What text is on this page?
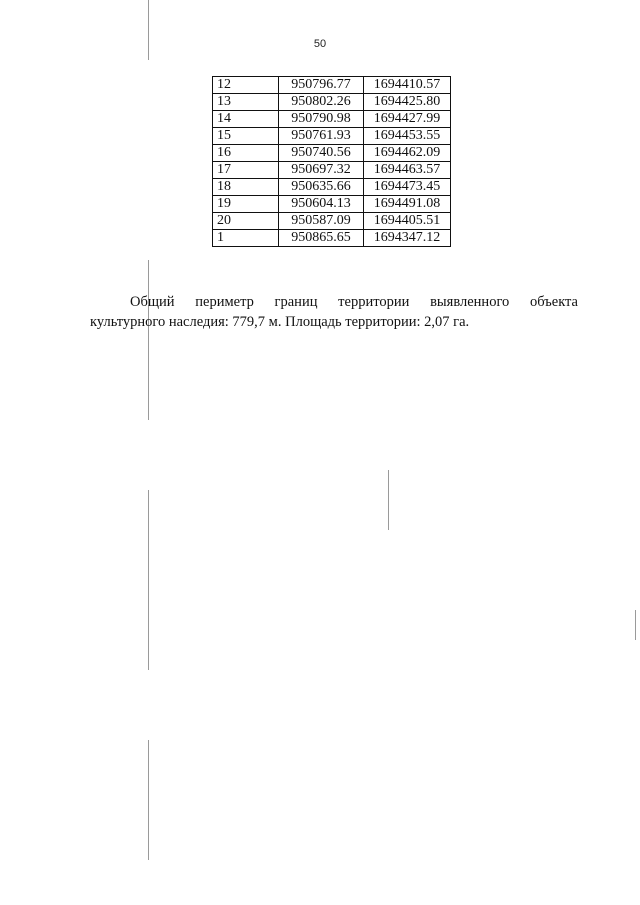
50
12	950796.77	1694410.57
13	950802.26	1694425.80
14	950790.98	1694427.99
15	950761.93	1694453.55
16	950740.56	1694462.09
17	950697.32	1694463.57
18	950635.66	1694473.45
19	950604.13	1694491.08
20	950587.09	1694405.51
1	950865.65	1694347.12
Общий периметр границ территории выявленного объекта
культурного наследия: 779,7 м. Площадь территории: 2,07 га.
